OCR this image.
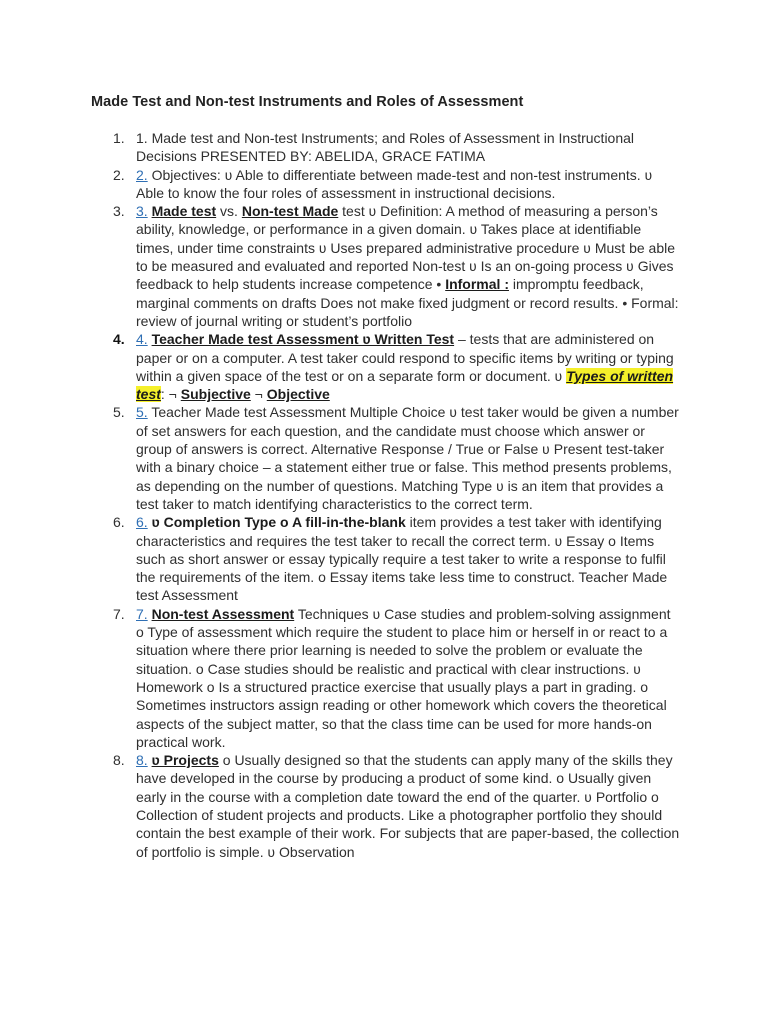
Made Test and Non-test Instruments and Roles of Assessment
1. 1. Made test and Non-test Instruments; and Roles of Assessment in Instructional Decisions PRESENTED BY: ABELIDA, GRACE FATIMA
2. 2. Objectives: ʋ Able to differentiate between made-test and non-test instruments. ʋ Able to know the four roles of assessment in instructional decisions.
3. 3. Made test vs. Non-test Made test ʋ Definition: A method of measuring a person’s ability, knowledge, or performance in a given domain. ʋ Takes place at identifiable times, under time constraints ʋ Uses prepared administrative procedure ʋ Must be able to be measured and evaluated and reported Non-test ʋ Is an on-going process ʋ Gives feedback to help students increase competence • Informal : impromptu feedback, marginal comments on drafts Does not make fixed judgment or record results. • Formal: review of journal writing or student’s portfolio
4. 4. Teacher Made test Assessment ʋ Written Test – tests that are administered on paper or on a computer. A test taker could respond to specific items by writing or typing within a given space of the test or on a separate form or document. ʋ Types of written test: ¬ Subjective ¬ Objective
5. 5. Teacher Made test Assessment Multiple Choice ʋ test taker would be given a number of set answers for each question, and the candidate must choose which answer or group of answers is correct. Alternative Response / True or False ʋ Present test-taker with a binary choice – a statement either true or false. This method presents problems, as depending on the number of questions. Matching Type ʋ is an item that provides a test taker to match identifying characteristics to the correct term.
6. 6. ʋ Completion Type o A fill-in-the-blank item provides a test taker with identifying characteristics and requires the test taker to recall the correct term. ʋ Essay o Items such as short answer or essay typically require a test taker to write a response to fulfil the requirements of the item. o Essay items take less time to construct. Teacher Made test Assessment
7. 7. Non-test Assessment Techniques ʋ Case studies and problem-solving assignment o Type of assessment which require the student to place him or herself in or react to a situation where there prior learning is needed to solve the problem or evaluate the situation. o Case studies should be realistic and practical with clear instructions. ʋ Homework o Is a structured practice exercise that usually plays a part in grading. o Sometimes instructors assign reading or other homework which covers the theoretical aspects of the subject matter, so that the class time can be used for more hands-on practical work.
8. 8. ʋ Projects o Usually designed so that the students can apply many of the skills they have developed in the course by producing a product of some kind. o Usually given early in the course with a completion date toward the end of the quarter. ʋ Portfolio o Collection of student projects and products. Like a photographer portfolio they should contain the best example of their work. For subjects that are paper-based, the collection of portfolio is simple. ʋ Observation
